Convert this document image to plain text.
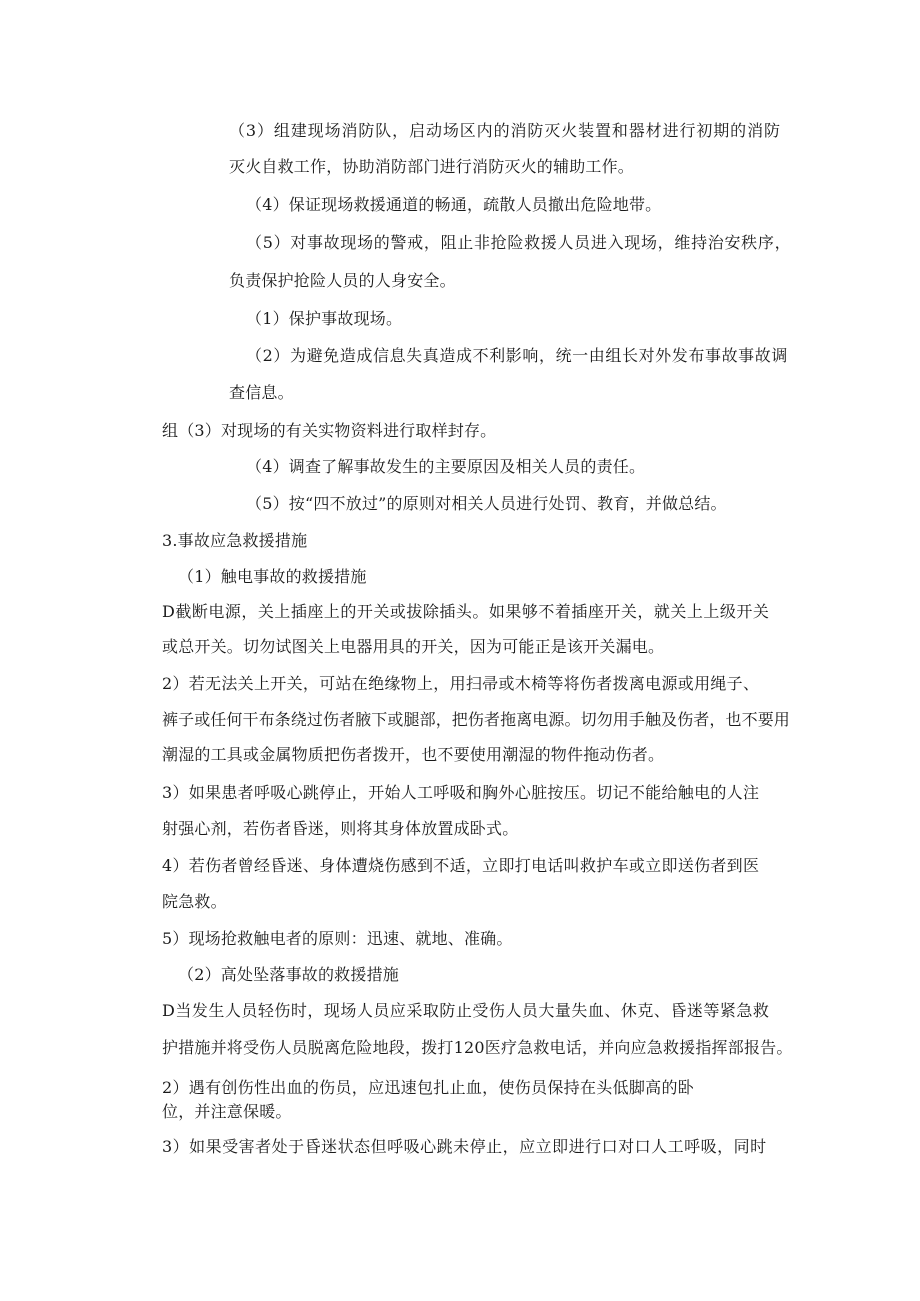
（3）组建现场消防队，启动场区内的消防灭火装置和器材进行初期的消防

灭火自救工作，协助消防部门进行消防灭火的辅助工作。

（4）保证现场救援通道的畅通，疏散人员撤出危险地带。

（5）对事故现场的警戒，阻止非抢险救援人员进入现场，维持治安秩序，

负责保护抢险人员的人身安全。

（1）保护事故现场。

（2）为避免造成信息失真造成不利影响，统一由组长对外发布事故事故调

查信息。

组（3）对现场的有关实物资料进行取样封存。

（4）调查了解事故发生的主要原因及相关人员的责任。

（5）按“四不放过”的原则对相关人员进行处罚、教育，并做总结。

3.事故应急救援措施

（1）触电事故的救援措施

D截断电源，关上插座上的开关或拔除插头。如果够不着插座开关，就关上上级开关

或总开关。切勿试图关上电器用具的开关，因为可能正是该开关漏电。

2）若无法关上开关，可站在绝缘物上，用扫帚或木椅等将伤者拨离电源或用绳子、

裤子或任何干布条绕过伤者腋下或腿部，把伤者拖离电源。切勿用手触及伤者，也不要用

潮湿的工具或金属物质把伤者拨开，也不要使用潮湿的物件拖动伤者。

3）如果患者呼吸心跳停止，开始人工呼吸和胸外心脏按压。切记不能给触电的人注

射强心剂，若伤者昏迷，则将其身体放置成卧式。

4）若伤者曾经昏迷、身体遭烧伤感到不适，立即打电话叫救护车或立即送伤者到医

院急救。

5）现场抢救触电者的原则：迅速、就地、准确。

（2）高处坠落事故的救援措施

D当发生人员轻伤时，现场人员应采取防止受伤人员大量失血、休克、昏迷等紧急救

护措施并将受伤人员脱离危险地段，拨打120医疗急救电话，并向应急救援指挥部报告。

2）遇有创伤性出血的伤员，应迅速包扎止血，使伤员保持在头低脚高的卧

位，并注意保暖。

3）如果受害者处于昏迷状态但呼吸心跳未停止，应立即进行口对口人工呼吸，同时
